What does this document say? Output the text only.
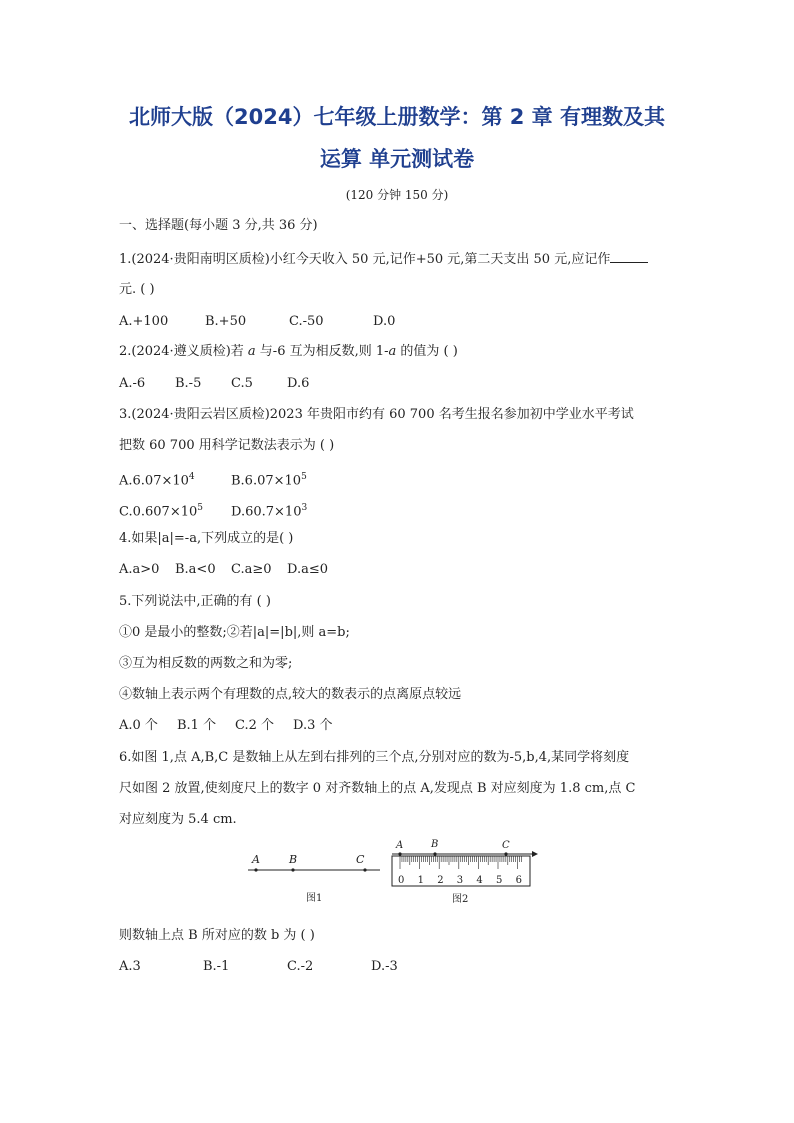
北师大版（2024）七年级上册数学：第 2 章 有理数及其
运算 单元测试卷
(120 分钟 150 分)
一、选择题(每小题 3 分,共 36 分)
1.(2024·贵阳南明区质检)小红今天收入 50 元,记作+50 元,第二天支出 50 元,应记作
元. ( )
A.+100	B.+50	C.-50	D.0
2.(2024·遵义质检)若 a 与-6 互为相反数,则 1-a 的值为 ( )
A.-6 B.-5 C.5	D.6
3.(2024·贵阳云岩区质检)2023 年贵阳市约有 60 700 名考生报名参加初中学业水平考试
把数 60 700 用科学记数法表示为 ( )
$A.6.07\times 10^4$	$B.6.07\times 10^5$
$C.0.607\times 10^5$ $D.60.7\times 10^3$
4.如果|a|=-a,下列成立的是( )
A.a>0 B.a<0 C.a≥0 D.a≤0
5.下列说法中,正确的有 ( )
①0 是最小的整数;②若|a|=|b|,则 a=b;
③互为相反数的两数之和为零;
④数轴上表示两个有理数的点,较大的数表示的点离原点较远
A.0 个 B.1 个 C.2 个 D.3 个
6.如图 1,点 A,B,C 是数轴上从左到右排列的三个点,分别对应的数为-5,b,4,某同学将刻度
尺如图 2 放置,使刻度尺上的数字 0 对齐数轴上的点 A,发现点 B 对应刻度为 1.8 cm,点 C
对应刻度为 5.4 cm.
A	B	C
图1
A	B	C
0 1 2 3 4 5 6
图2
则数轴上点 B 所对应的数 b 为 ( )
A.3	B.-1	C.-2	D.-3
